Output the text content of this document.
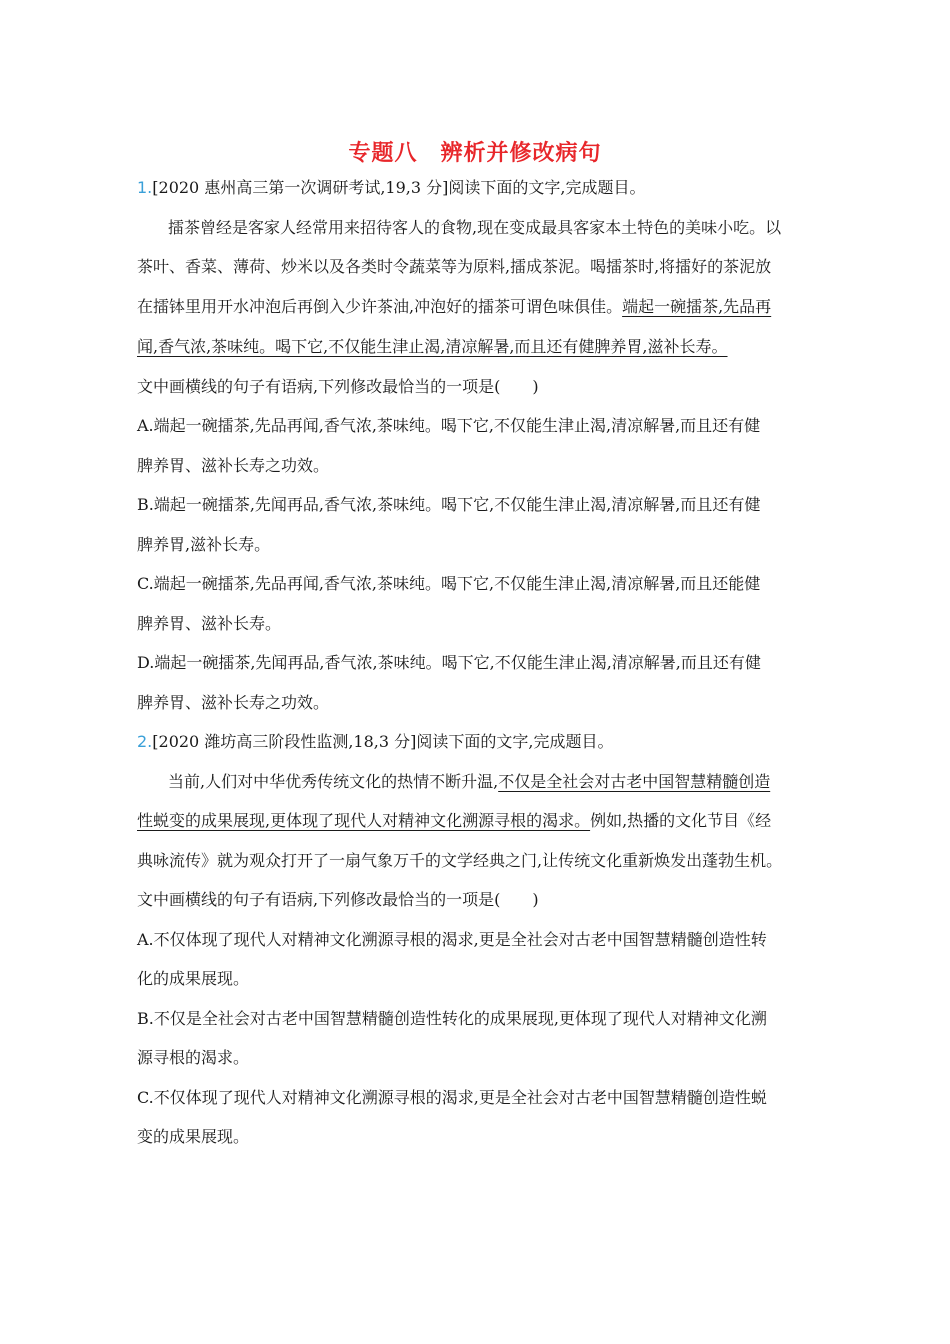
专题八　辨析并修改病句
1.[2020 惠州高三第一次调研考试,19,3 分]阅读下面的文字,完成题目。
擂茶曾经是客家人经常用来招待客人的食物,现在变成最具客家本土特色的美味小吃。以
茶叶、香菜、薄荷、炒米以及各类时令蔬菜等为原料,擂成茶泥。喝擂茶时,将擂好的茶泥放
在擂钵里用开水冲泡后再倒入少许茶油,冲泡好的擂茶可谓色味俱佳。端起一碗擂茶,先品再
闻,香气浓,茶味纯。喝下它,不仅能生津止渴,清凉解暑,而且还有健脾养胃,滋补长寿。
文中画横线的句子有语病,下列修改最恰当的一项是(　　)
A.端起一碗擂茶,先品再闻,香气浓,茶味纯。喝下它,不仅能生津止渴,清凉解暑,而且还有健
脾养胃、滋补长寿之功效。
B.端起一碗擂茶,先闻再品,香气浓,茶味纯。喝下它,不仅能生津止渴,清凉解暑,而且还有健
脾养胃,滋补长寿。
C.端起一碗擂茶,先品再闻,香气浓,茶味纯。喝下它,不仅能生津止渴,清凉解暑,而且还能健
脾养胃、滋补长寿。
D.端起一碗擂茶,先闻再品,香气浓,茶味纯。喝下它,不仅能生津止渴,清凉解暑,而且还有健
脾养胃、滋补长寿之功效。
2.[2020 潍坊高三阶段性监测,18,3 分]阅读下面的文字,完成题目。
当前,人们对中华优秀传统文化的热情不断升温,不仅是全社会对古老中国智慧精髓创造
性蜕变的成果展现,更体现了现代人对精神文化溯源寻根的渴求。例如,热播的文化节目《经
典咏流传》就为观众打开了一扇气象万千的文学经典之门,让传统文化重新焕发出蓬勃生机。
文中画横线的句子有语病,下列修改最恰当的一项是(　　)
A.不仅体现了现代人对精神文化溯源寻根的渴求,更是全社会对古老中国智慧精髓创造性转
化的成果展现。
B.不仅是全社会对古老中国智慧精髓创造性转化的成果展现,更体现了现代人对精神文化溯
源寻根的渴求。
C.不仅体现了现代人对精神文化溯源寻根的渴求,更是全社会对古老中国智慧精髓创造性蜕
变的成果展现。
